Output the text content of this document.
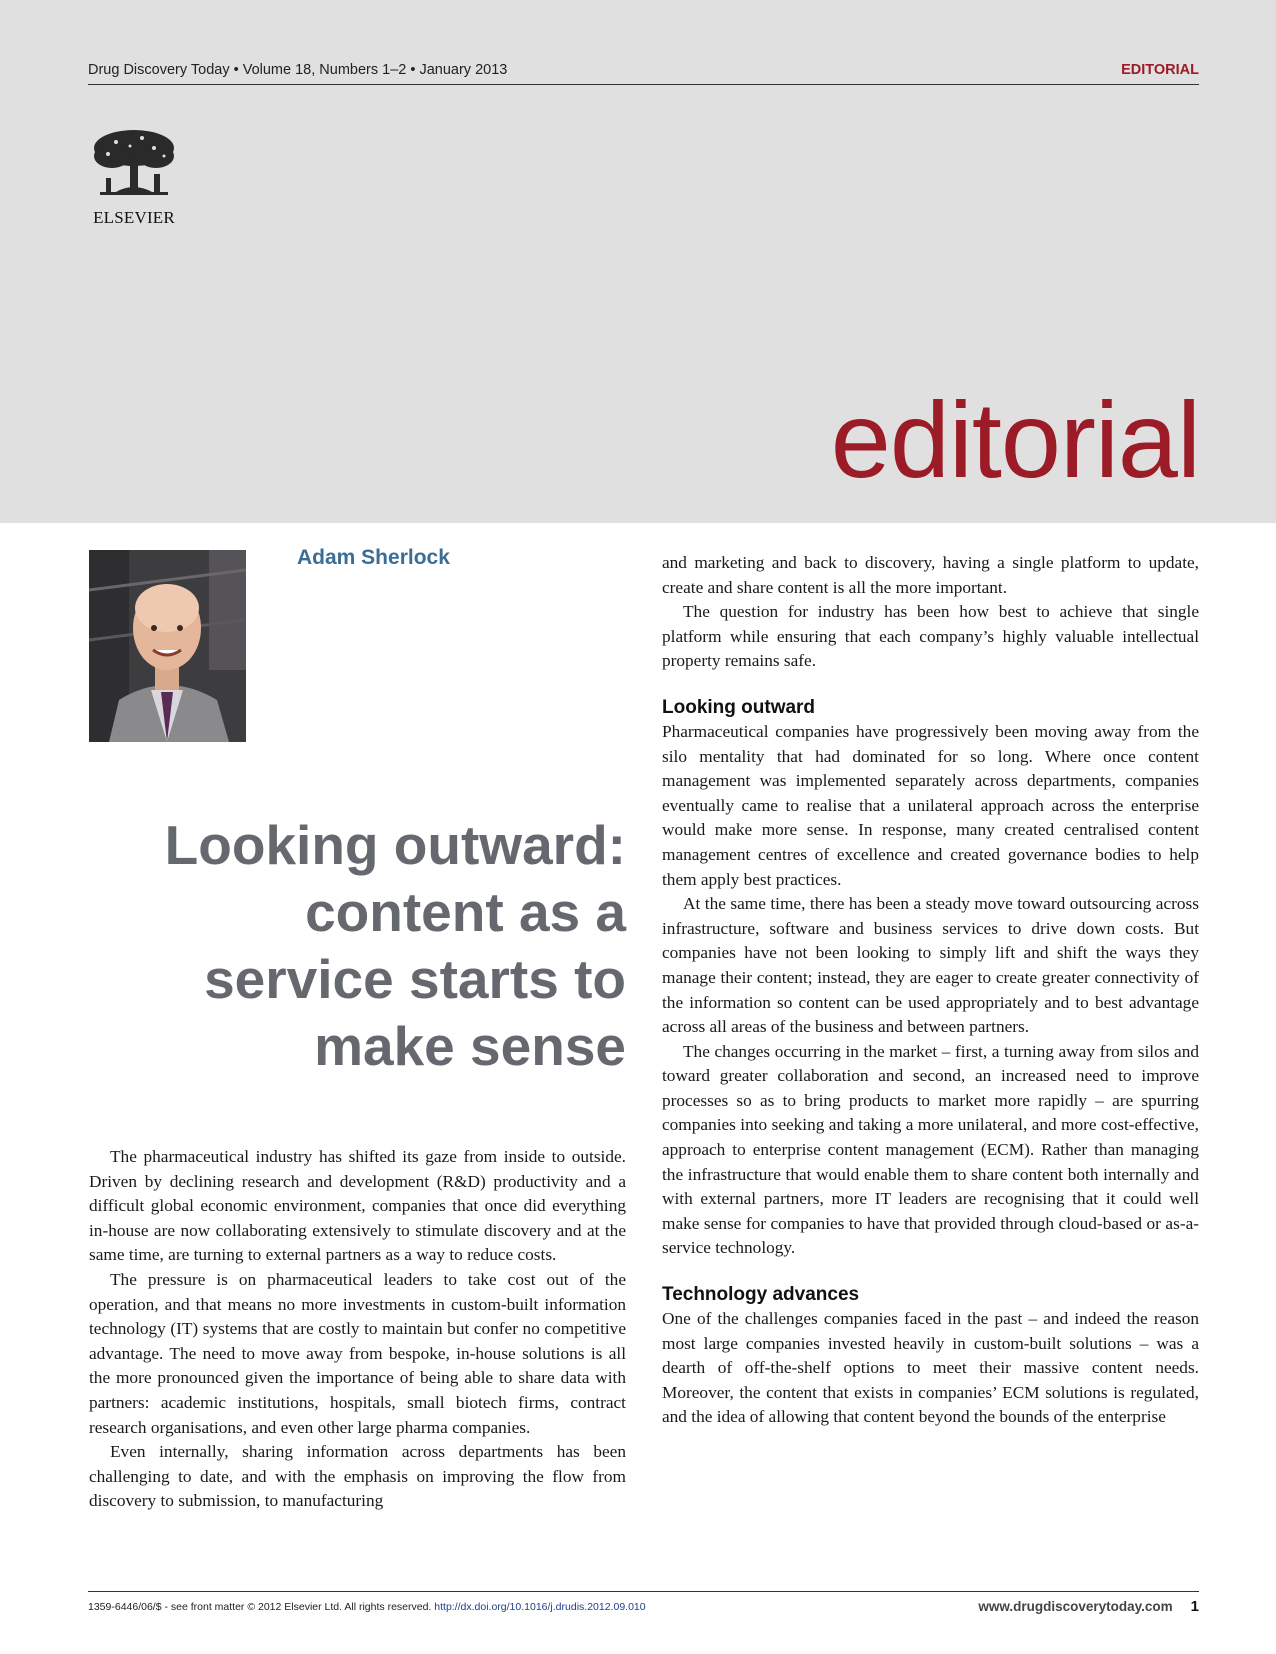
Drug Discovery Today • Volume 18, Numbers 1–2 • January 2013	EDITORIAL
ELSEVIER
editorial
Adam Sherlock
Looking outward:
content as a
service starts to
make sense

The pharmaceutical industry has shifted its gaze from inside to outside. Driven by declining research and development (R&D) productivity and a difficult global economic environment, companies that once did everything in-house are now collaborating extensively to stimulate discovery and at the same time, are turning to external partners as a way to reduce costs.

The pressure is on pharmaceutical leaders to take cost out of the operation, and that means no more investments in custom-built information technology (IT) systems that are costly to maintain but confer no competitive advantage. The need to move away from bespoke, in-house solutions is all the more pronounced given the importance of being able to share data with partners: academic institutions, hospitals, small biotech firms, contract research organisations, and even other large pharma companies.

Even internally, sharing information across departments has been challenging to date, and with the emphasis on improving the flow from discovery to submission, to manufacturing

and marketing and back to discovery, having a single platform to update, create and share content is all the more important.

The question for industry has been how best to achieve that single platform while ensuring that each company’s highly valuable intellectual property remains safe.

Looking outward

Pharmaceutical companies have progressively been moving away from the silo mentality that had dominated for so long. Where once content management was implemented separately across departments, companies eventually came to realise that a unilateral approach across the enterprise would make more sense. In response, many created centralised content management centres of excellence and created governance bodies to help them apply best practices.

At the same time, there has been a steady move toward outsourcing across infrastructure, software and business services to drive down costs. But companies have not been looking to simply lift and shift the ways they manage their content; instead, they are eager to create greater connectivity of the information so content can be used appropriately and to best advantage across all areas of the business and between partners.

The changes occurring in the market – first, a turning away from silos and toward greater collaboration and second, an increased need to improve processes so as to bring products to market more rapidly – are spurring companies into seeking and taking a more unilateral, and more cost-effective, approach to enterprise content management (ECM). Rather than managing the infrastructure that would enable them to share content both internally and with external partners, more IT leaders are recognising that it could well make sense for companies to have that provided through cloud-based or as-a-service technology.

Technology advances

One of the challenges companies faced in the past – and indeed the reason most large companies invested heavily in custom-built solutions – was a dearth of off-the-shelf options to meet their massive content needs. Moreover, the content that exists in companies’ ECM solutions is regulated, and the idea of allowing that content beyond the bounds of the enterprise

1359-6446/06/$ - see front matter © 2012 Elsevier Ltd. All rights reserved. http://dx.doi.org/10.1016/j.drudis.2012.09.010	www.drugdiscoverytoday.com 1
